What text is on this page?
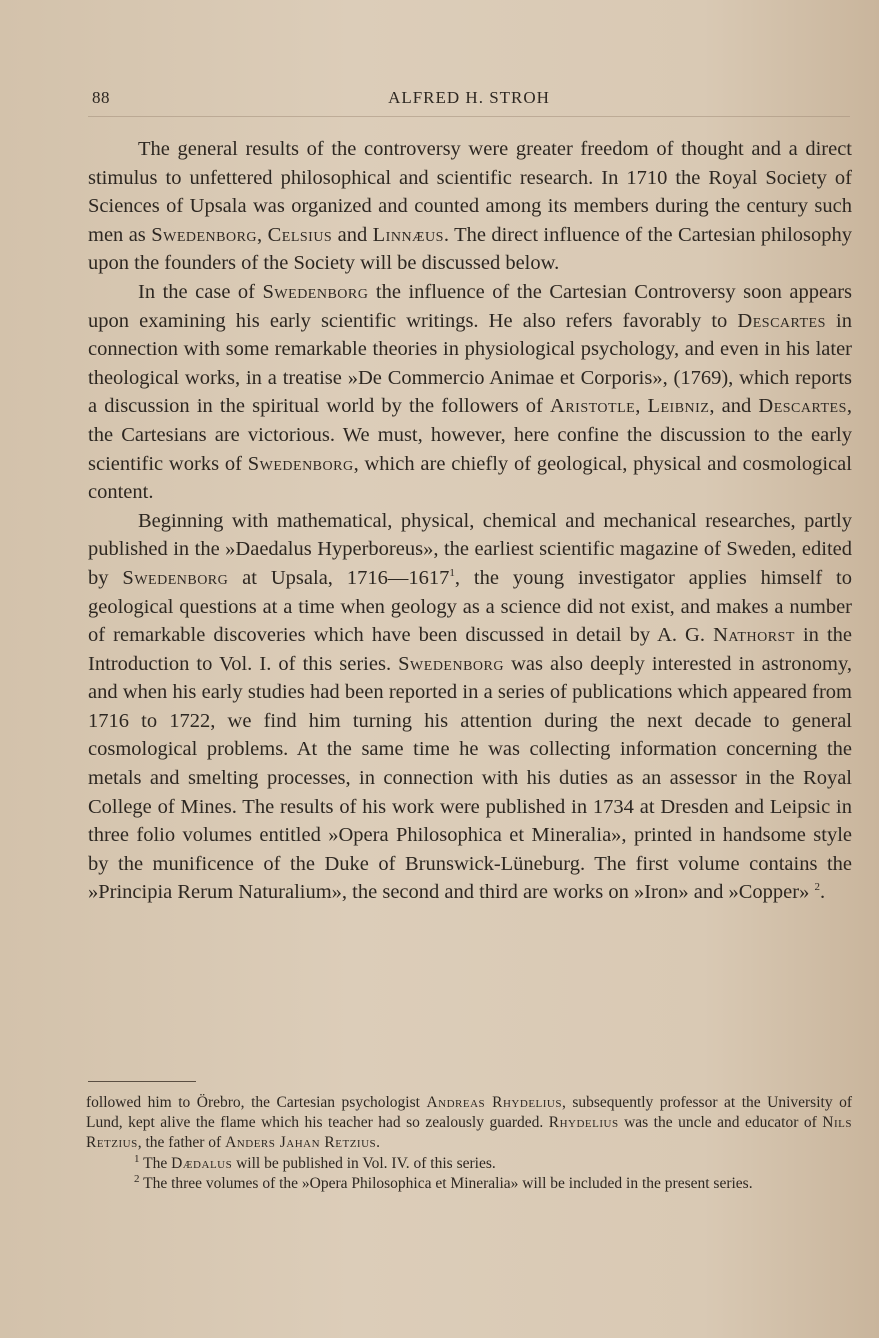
88	ALFRED H. STROH

The general results of the controversy were greater freedom of thought and a direct stimulus to unfettered philosophical and scientific research. In 1710 the Royal Society of Sciences of Upsala was organized and counted among its members during the century such men as Swedenborg, Celsius and Linnæus. The direct influence of the Cartesian philosophy upon the founders of the Society will be discussed below.

In the case of Swedenborg the influence of the Cartesian Controversy soon appears upon examining his early scientific writings. He also refers favorably to Descartes in connection with some remarkable theories in physiological psychology, and even in his later theological works, in a treatise »De Commercio Animae et Corporis», (1769), which reports a discussion in the spiritual world by the followers of Aristotle, Leibniz, and Descartes, the Cartesians are victorious. We must, however, here confine the discussion to the early scientific works of Swedenborg, which are chiefly of geological, physical and cosmological content.

Beginning with mathematical, physical, chemical and mechanical researches, partly published in the »Daedalus Hyperboreus», the earliest scientific magazine of Sweden, edited by Swedenborg at Upsala, 1716—1617$^1$, the young investigator applies himself to geological questions at a time when geology as a science did not exist, and makes a number of remarkable discoveries which have been discussed in detail by A. G. Nathorst in the Introduction to Vol. I. of this series. Swedenborg was also deeply interested in astronomy, and when his early studies had been reported in a series of publications which appeared from 1716 to 1722, we find him turning his attention during the next decade to general cosmological problems. At the same time he was collecting information concerning the metals and smelting processes, in connection with his duties as an assessor in the Royal College of Mines. The results of his work were published in 1734 at Dresden and Leipsic in three folio volumes entitled »Opera Philosophica et Mineralia», printed in handsome style by the munificence of the Duke of Brunswick-Lüneburg. The first volume contains the »Principia Rerum Naturalium», the second and third are works on »Iron» and »Copper» $^2$.

followed him to Örebro, the Cartesian psychologist Andreas Rhydelius, subsequently professor at the University of Lund, kept alive the flame which his teacher had so zealously guarded. Rhydelius was the uncle and educator of Nils Retzius, the father of Anders Jahan Retzius.

$^1$ The Dædalus will be published in Vol. IV. of this series.

$^2$ The three volumes of the »Opera Philosophica et Mineralia» will be included in the present series.
